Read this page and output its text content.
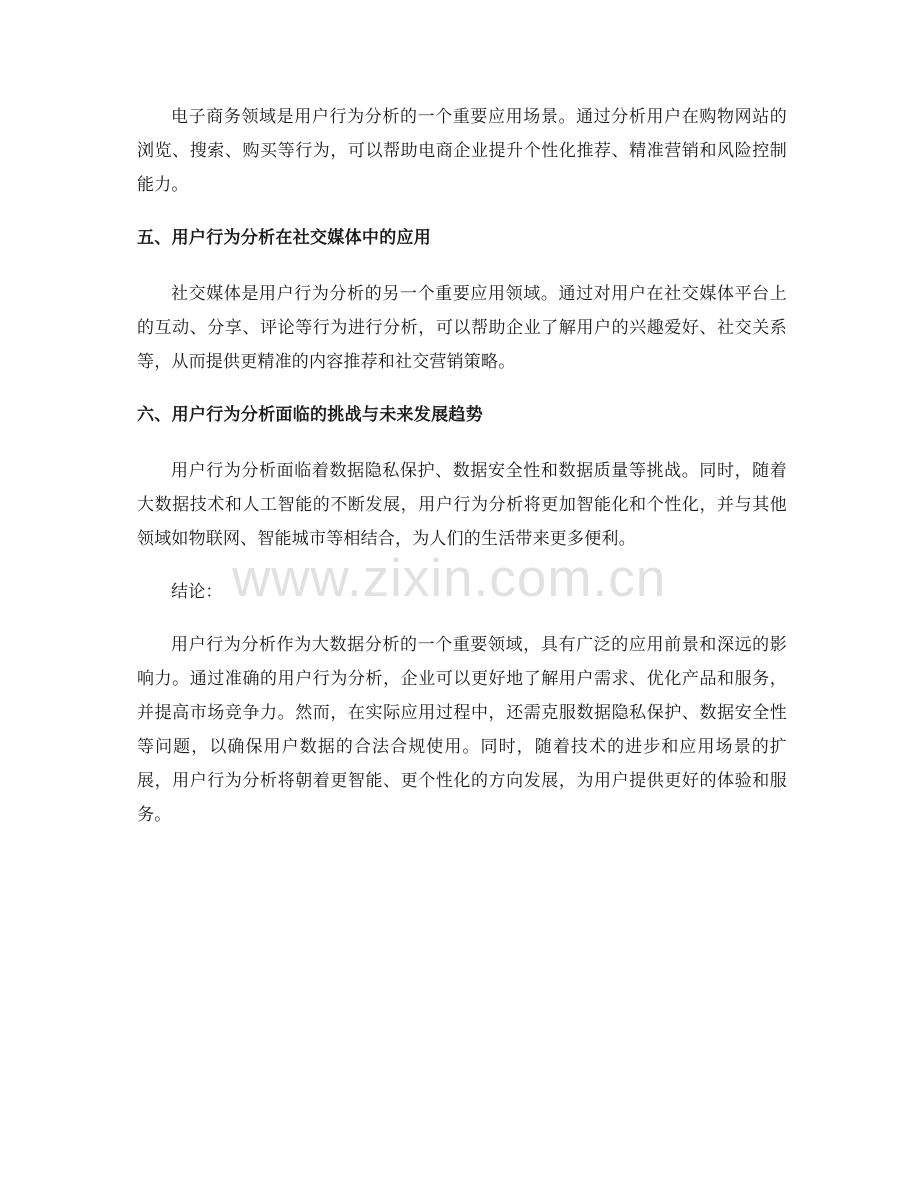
电子商务领域是用户行为分析的一个重要应用场景。通过分析用户在购物网站的浏览、搜索、购买等行为，可以帮助电商企业提升个性化推荐、精准营销和风险控制能力。

五、用户行为分析在社交媒体中的应用

社交媒体是用户行为分析的另一个重要应用领域。通过对用户在社交媒体平台上的互动、分享、评论等行为进行分析，可以帮助企业了解用户的兴趣爱好、社交关系等，从而提供更精准的内容推荐和社交营销策略。

六、用户行为分析面临的挑战与未来发展趋势

用户行为分析面临着数据隐私保护、数据安全性和数据质量等挑战。同时，随着大数据技术和人工智能的不断发展，用户行为分析将更加智能化和个性化，并与其他领域如物联网、智能城市等相结合，为人们的生活带来更多便利。

结论：

用户行为分析作为大数据分析的一个重要领域，具有广泛的应用前景和深远的影响力。通过准确的用户行为分析，企业可以更好地了解用户需求、优化产品和服务，并提高市场竞争力。然而，在实际应用过程中，还需克服数据隐私保护、数据安全性等问题，以确保用户数据的合法合规使用。同时，随着技术的进步和应用场景的扩展，用户行为分析将朝着更智能、更个性化的方向发展，为用户提供更好的体验和服务。

www.zixin.com.cn
